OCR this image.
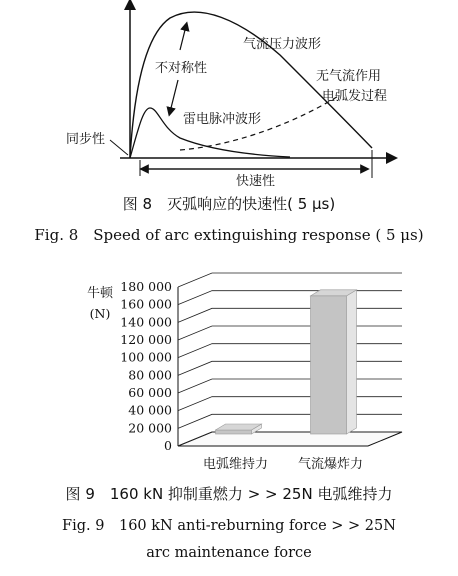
气流压力波形
不对称性
无气流作用
电弧发过程
雷电脉冲波形
同步性
快速性
图 8　灭弧响应的快速性( 5 μs)
Fig. 8　Speed of arc extinguishing response ( 5 μs)
0
20 000
40 000
60 000
80 000
100 000
120 000
140 000
160 000
180 000
牛顿
(N)
电弧维持力 气流爆炸力
图 9　160 kN 抑制重燃力 > > 25N 电弧维持力
Fig. 9　160 kN anti-reburning force > > 25N
arc maintenance force
